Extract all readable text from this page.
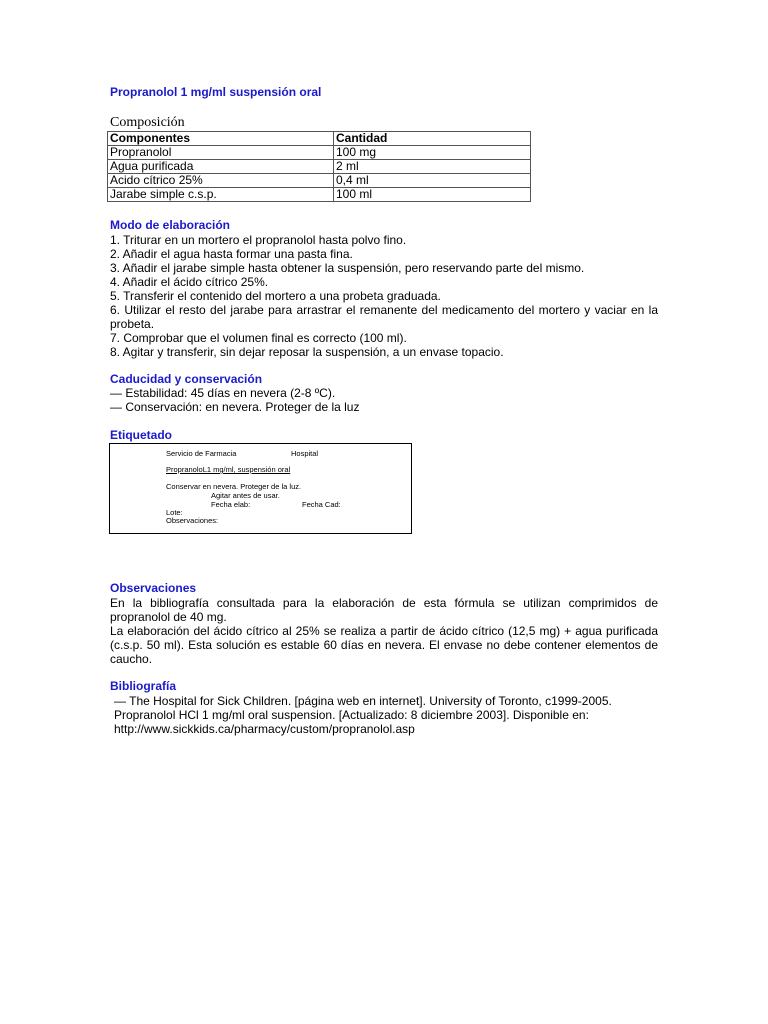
Propranolol 1 mg/ml suspensión oral
Composición
Componentes	Cantidad
Propranolol	100 mg
Agua purificada	2 ml
Acido cítrico 25%	0,4 ml
Jarabe simple c.s.p.	100 ml
Modo de elaboración
1. Triturar en un mortero el propranolol hasta polvo fino.
2. Añadir el agua hasta formar una pasta fina.
3. Añadir el jarabe simple hasta obtener la suspensión, pero reservando parte del mismo.
4. Añadir el ácido cítrico 25%.
5. Transferir el contenido del mortero a una probeta graduada.
6. Utilizar el resto del jarabe para arrastrar el remanente del medicamento del mortero y vaciar en la probeta.
7. Comprobar que el volumen final es correcto (100 ml).
8. Agitar y transferir, sin dejar reposar la suspensión, a un envase topacio.
Caducidad y conservación
— Estabilidad: 45 días en nevera (2-8 ºC).
— Conservación: en nevera. Proteger de la luz
Etiquetado
Servicio de Farmacia	Hospital
PropranoloL1 mg/ml, suspensión oral
Conservar en nevera. Proteger de la luz.
Agitar antes de usar.
Fecha elab:	Fecha Cad:
Lote:
Observaciones:
Observaciones

En la bibliografía consultada para la elaboración de esta fórmula se utilizan comprimidos de propranolol de 40 mg.

La elaboración del ácido cítrico al 25% se realiza a partir de ácido cítrico (12,5 mg) + agua purificada (c.s.p. 50 ml). Esta solución es estable 60 días en nevera. El envase no debe contener elementos de caucho.

Bibliografía
— The Hospital for Sick Children. [página web en internet]. University of Toronto, c1999-2005.
Propranolol HCl 1 mg/ml oral suspension. [Actualizado: 8 diciembre 2003]. Disponible en:
http://www.sickkids.ca/pharmacy/custom/propranolol.asp
